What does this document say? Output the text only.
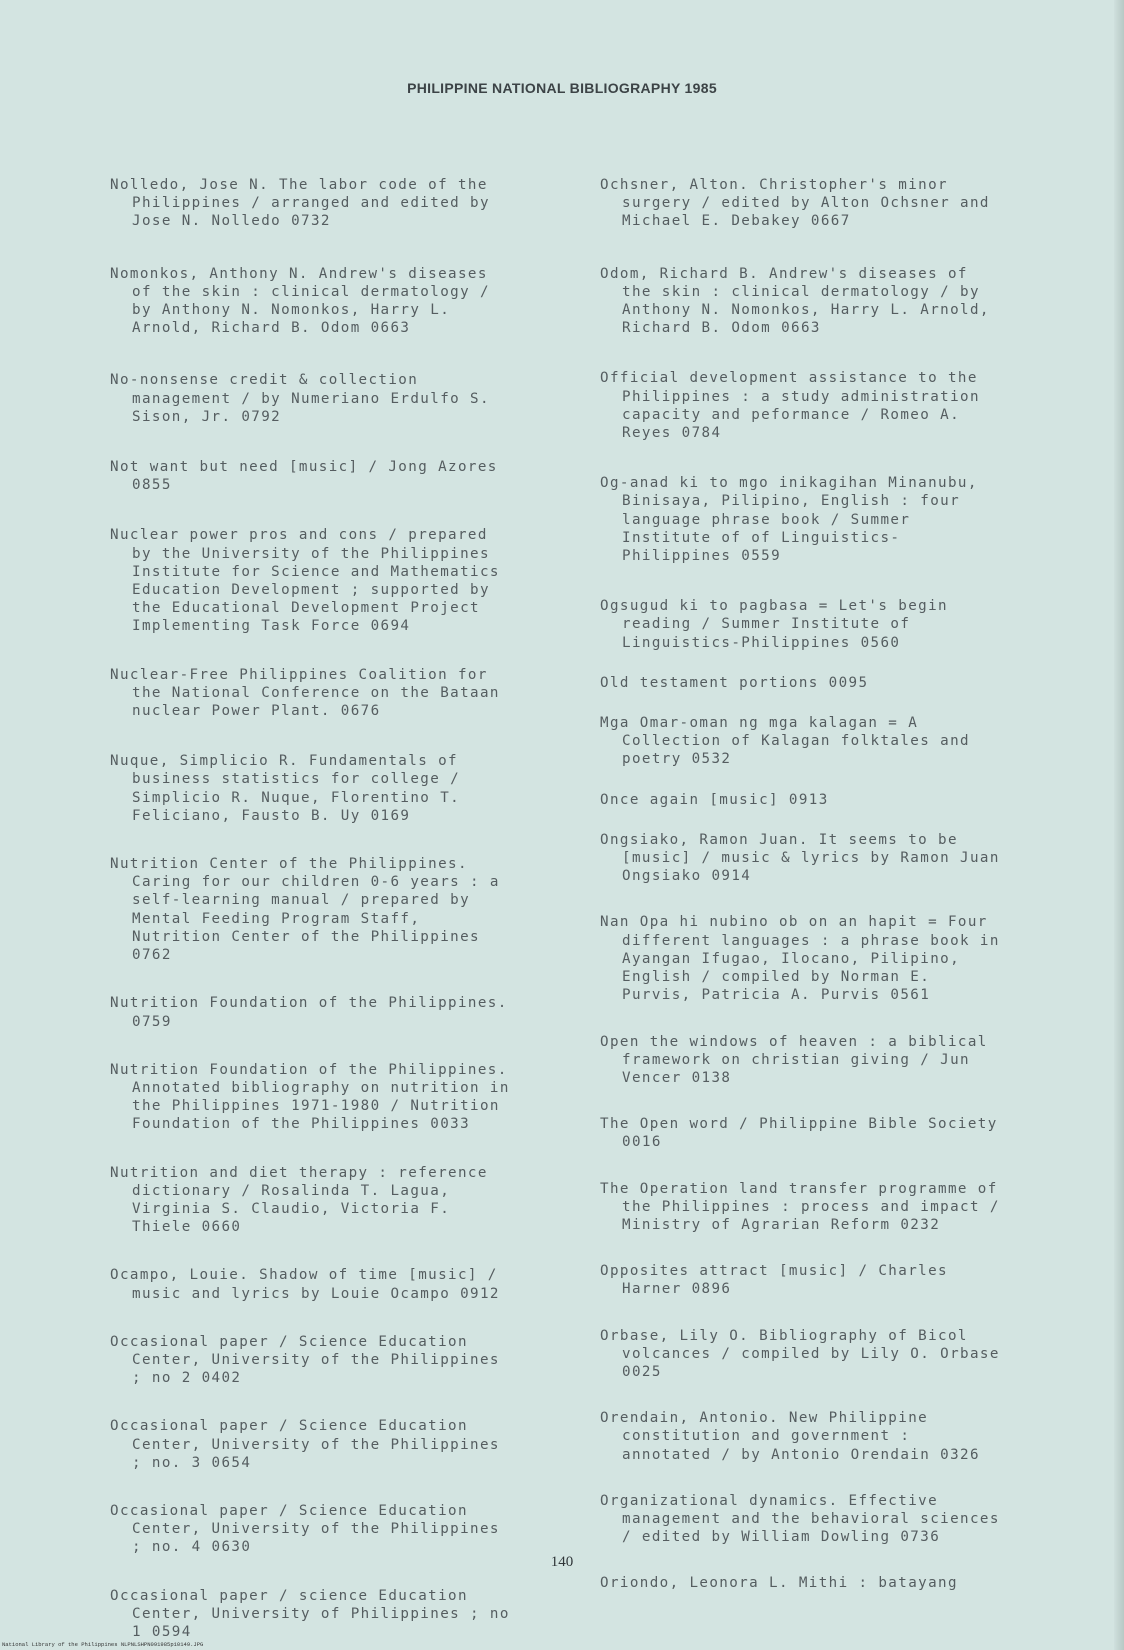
PHILIPPINE NATIONAL BIBLIOGRAPHY 1985
Nolledo, Jose N. The labor code of the
Philippines / arranged and edited by
Jose N. Nolledo 0732
Nomonkos, Anthony N. Andrew's diseases
of the skin : clinical dermatology /
by Anthony N. Nomonkos, Harry L.
Arnold, Richard B. Odom 0663
No-nonsense credit & collection
management / by Numeriano Erdulfo S.
Sison, Jr. 0792
Not want but need [music] / Jong Azores
0855
Nuclear power pros and cons / prepared
by the University of the Philippines
Institute for Science and Mathematics
Education Development ; supported by
the Educational Development Project
Implementing Task Force 0694
Nuclear-Free Philippines Coalition for
the National Conference on the Bataan
nuclear Power Plant. 0676
Nuque, Simplicio R. Fundamentals of
business statistics for college /
Simplicio R. Nuque, Florentino T.
Feliciano, Fausto B. Uy 0169
Nutrition Center of the Philippines.
Caring for our children 0-6 years : a
self-learning manual / prepared by
Mental Feeding Program Staff,
Nutrition Center of the Philippines
0762
Nutrition Foundation of the Philippines.
0759
Nutrition Foundation of the Philippines.
Annotated bibliography on nutrition in
the Philippines 1971-1980 / Nutrition
Foundation of the Philippines 0033
Nutrition and diet therapy : reference
dictionary / Rosalinda T. Lagua,
Virginia S. Claudio, Victoria F.
Thiele 0660
Ocampo, Louie. Shadow of time [music] /
music and lyrics by Louie Ocampo 0912
Occasional paper / Science Education
Center, University of the Philippines
; no 2 0402
Occasional paper / Science Education
Center, University of the Philippines
; no. 3 0654
Occasional paper / Science Education
Center, University of the Philippines
; no. 4 0630
Occasional paper / science Education
Center, University of Philippines ; no
1 0594
Ochsner, Alton. Christopher's minor
surgery / edited by Alton Ochsner and
Michael E. Debakey 0667
Odom, Richard B. Andrew's diseases of
the skin : clinical dermatology / by
Anthony N. Nomonkos, Harry L. Arnold,
Richard B. Odom 0663
Official development assistance to the
Philippines : a study administration
capacity and peformance / Romeo A.
Reyes 0784
Og-anad ki to mgo inikagihan Minanubu,
Binisaya, Pilipino, English : four
language phrase book / Summer
Institute of of Linguistics-
Philippines 0559
Ogsugud ki to pagbasa = Let's begin
reading / Summer Institute of
Linguistics-Philippines 0560
Old testament portions 0095
Mga Omar-oman ng mga kalagan = A
Collection of Kalagan folktales and
poetry 0532
Once again [music] 0913
Ongsiako, Ramon Juan. It seems to be
[music] / music & lyrics by Ramon Juan
Ongsiako 0914
Nan Opa hi nubino ob on an hapit = Four
different languages : a phrase book in
Ayangan Ifugao, Ilocano, Pilipino,
English / compiled by Norman E.
Purvis, Patricia A. Purvis 0561
Open the windows of heaven : a biblical
framework on christian giving / Jun
Vencer 0138
The Open word / Philippine Bible Society
0016
The Operation land transfer programme of
the Philippines : process and impact /
Ministry of Agrarian Reform 0232
Opposites attract [music] / Charles
Harner 0896
Orbase, Lily O. Bibliography of Bicol
volcances / compiled by Lily O. Orbase
0025
Orendain, Antonio. New Philippine
constitution and government :
annotated / by Antonio Orendain 0326
Organizational dynamics. Effective
management and the behavioral sciences
/ edited by William Dowling 0736
Oriondo, Leonora L. Mithi : batayang
140
National Library of the Philippines NLPNLSHPN091985p10149.JPG
